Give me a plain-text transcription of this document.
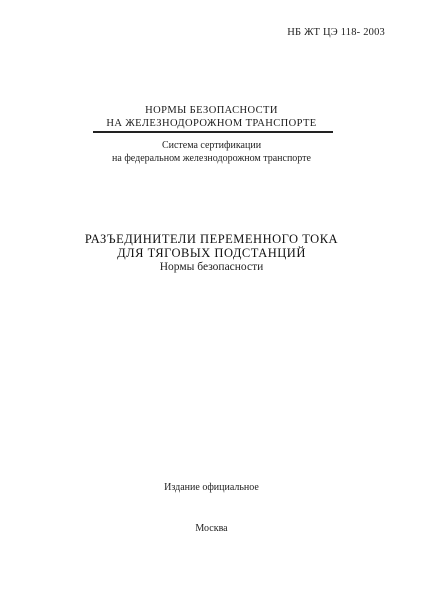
НБ ЖТ ЦЭ 118- 2003
НОРМЫ БЕЗОПАСНОСТИ
НА ЖЕЛЕЗНОДОРОЖНОМ ТРАНСПОРТЕ
Система сертификации
на федеральном железнодорожном транспорте
РАЗЪЕДИНИТЕЛИ ПЕРЕМЕННОГО ТОКА
ДЛЯ ТЯГОВЫХ ПОДСТАНЦИЙ
Нормы безопасности
Издание официальное
Москва
